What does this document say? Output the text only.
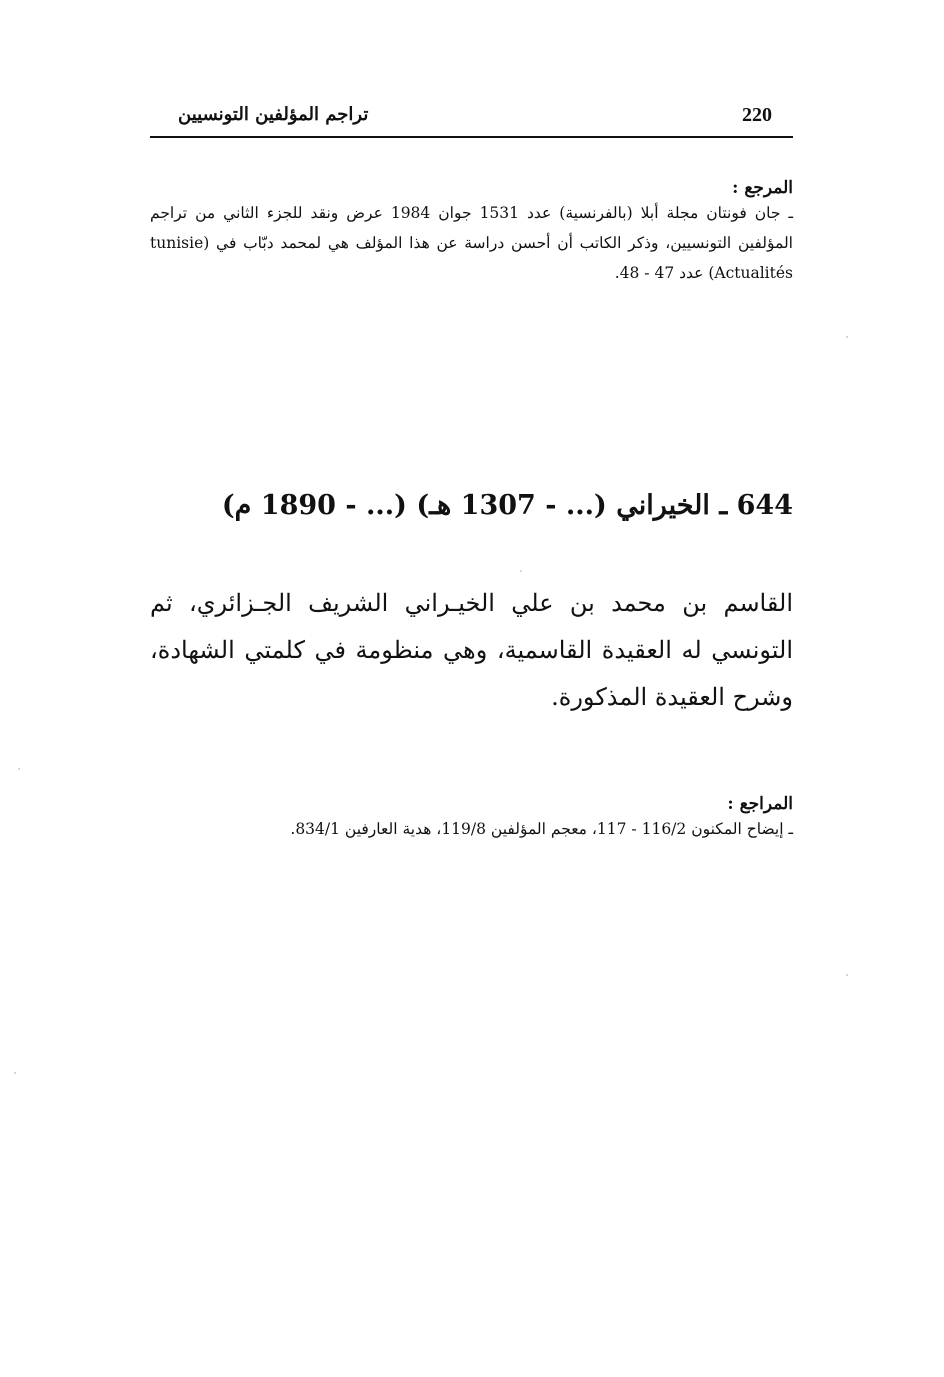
220
تراجم المؤلفين التونسيين
المرجع :
ـ جان فونتان مجلة أبلا (بالفرنسية) عدد 1531 جوان 1984 عرض ونقد للجزء الثاني من تراجم المؤلفين التونسيين، وذكر الكاتب أن أحسن دراسة عن هذا المؤلف هي لمحمد دبّاب في (tunisie Actualités) عدد 47 - 48.
644 ـ الخيراني (... - 1307 هـ) (... - 1890 م)
القاسم بن محمد بن علي الخيـراني الشريف الجـزائري، ثم التونسي له العقيدة القاسمية، وهي منظومة في كلمتي الشهادة، وشرح العقيدة المذكورة.
المراجع :
ـ إيضاح المكنون 116/2 - 117، معجم المؤلفين 119/8، هدية العارفين 834/1.
